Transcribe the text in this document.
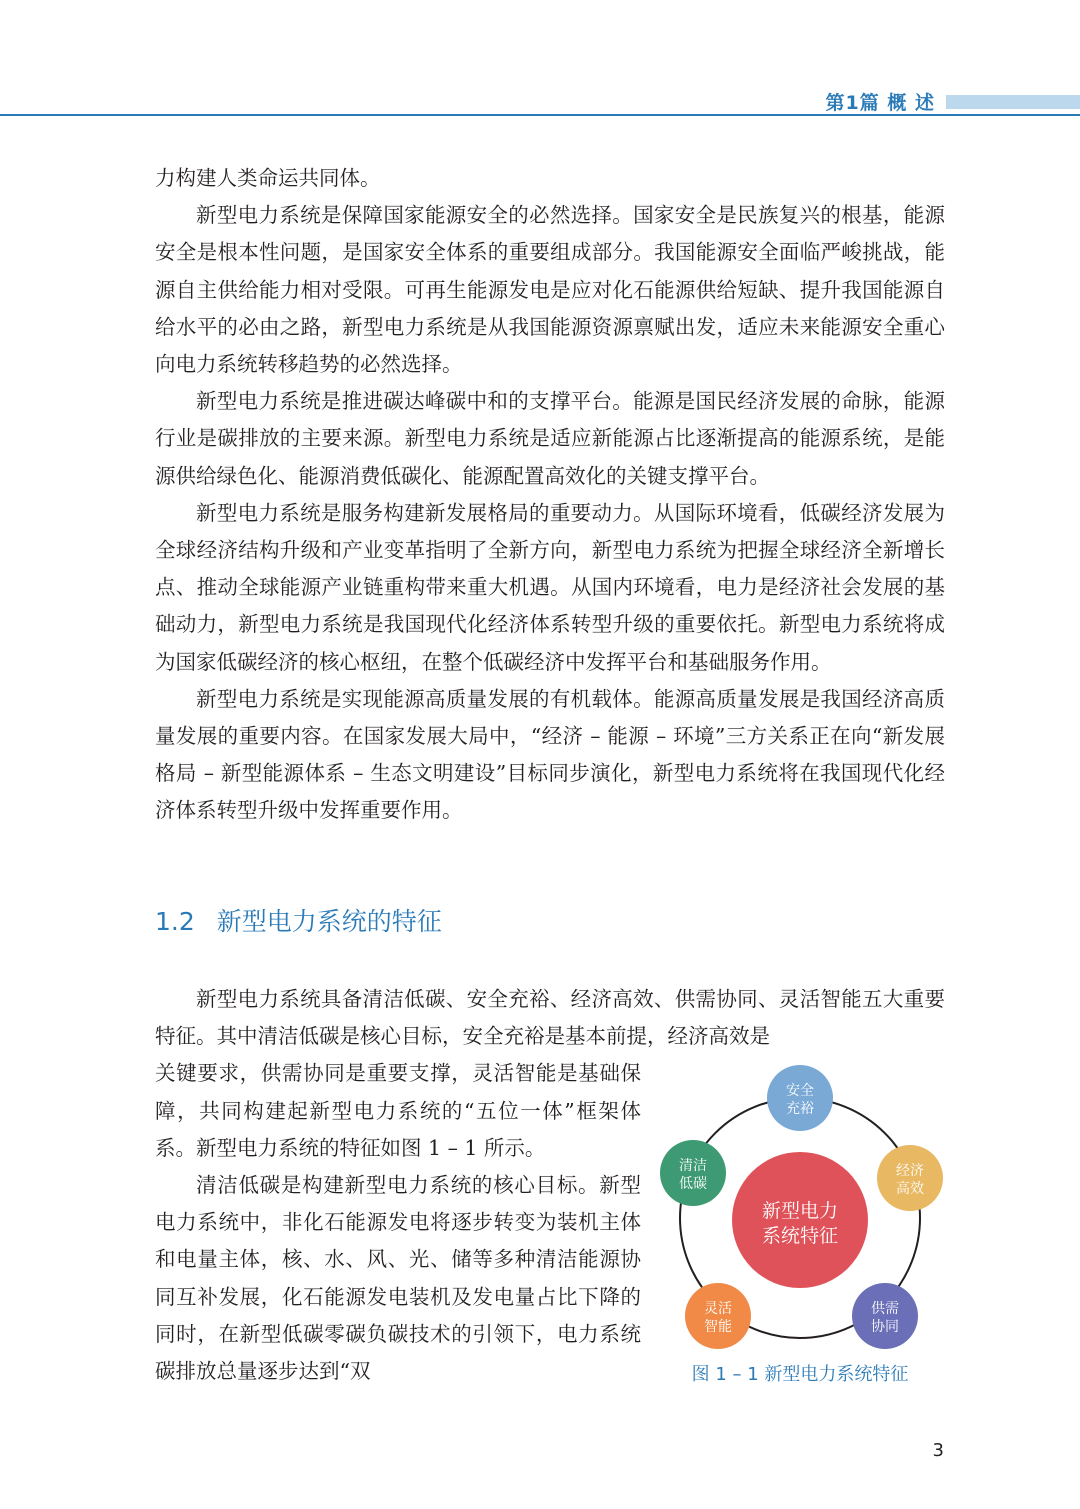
第1篇 概 述

力构建人类命运共同体。

新型电力系统是保障国家能源安全的必然选择。国家安全是民族复兴的根基，能源安全是根本性问题，是国家安全体系的重要组成部分。我国能源安全面临严峻挑战，能源自主供给能力相对受限。可再生能源发电是应对化石能源供给短缺、提升我国能源自给水平的必由之路，新型电力系统是从我国能源资源禀赋出发，适应未来能源安全重心向电力系统转移趋势的必然选择。

新型电力系统是推进碳达峰碳中和的支撑平台。能源是国民经济发展的命脉，能源行业是碳排放的主要来源。新型电力系统是适应新能源占比逐渐提高的能源系统，是能源供给绿色化、能源消费低碳化、能源配置高效化的关键支撑平台。

新型电力系统是服务构建新发展格局的重要动力。从国际环境看，低碳经济发展为全球经济结构升级和产业变革指明了全新方向，新型电力系统为把握全球经济全新增长点、推动全球能源产业链重构带来重大机遇。从国内环境看，电力是经济社会发展的基础动力，新型电力系统是我国现代化经济体系转型升级的重要依托。新型电力系统将成为国家低碳经济的核心枢纽，在整个低碳经济中发挥平台和基础服务作用。

新型电力系统是实现能源高质量发展的有机载体。能源高质量发展是我国经济高质量发展的重要内容。在国家发展大局中，“经济 – 能源 – 环境”三方关系正在向“新发展格局 – 新型能源体系 – 生态文明建设”目标同步演化，新型电力系统将在我国现代化经济体系转型升级中发挥重要作用。

1.2 新型电力系统的特征

新型电力系统具备清洁低碳、安全充裕、经济高效、供需协同、灵活智能五大重要特征。其中清洁低碳是核心目标，安全充裕是基本前提，经济高效是

关键要求，供需协同是重要支撑，灵活智能是基础保障，共同构建起新型电力系统的“五位一体”框架体系。新型电力系统的特征如图 1 – 1 所示。

清洁低碳是构建新型电力系统的核心目标。新型电力系统中，非化石能源发电将逐步转变为装机主体和电量主体，核、水、风、光、储等多种清洁能源协同互补发展，化石能源发电装机及发电量占比下降的同时，在新型低碳零碳负碳技术的引领下，电力系统碳排放总量逐步达到“双

新型电力
系统特征
安全
充裕
经济
高效
供需
协同
灵活
智能
清洁
低碳
图 1 – 1 新型电力系统特征
3
